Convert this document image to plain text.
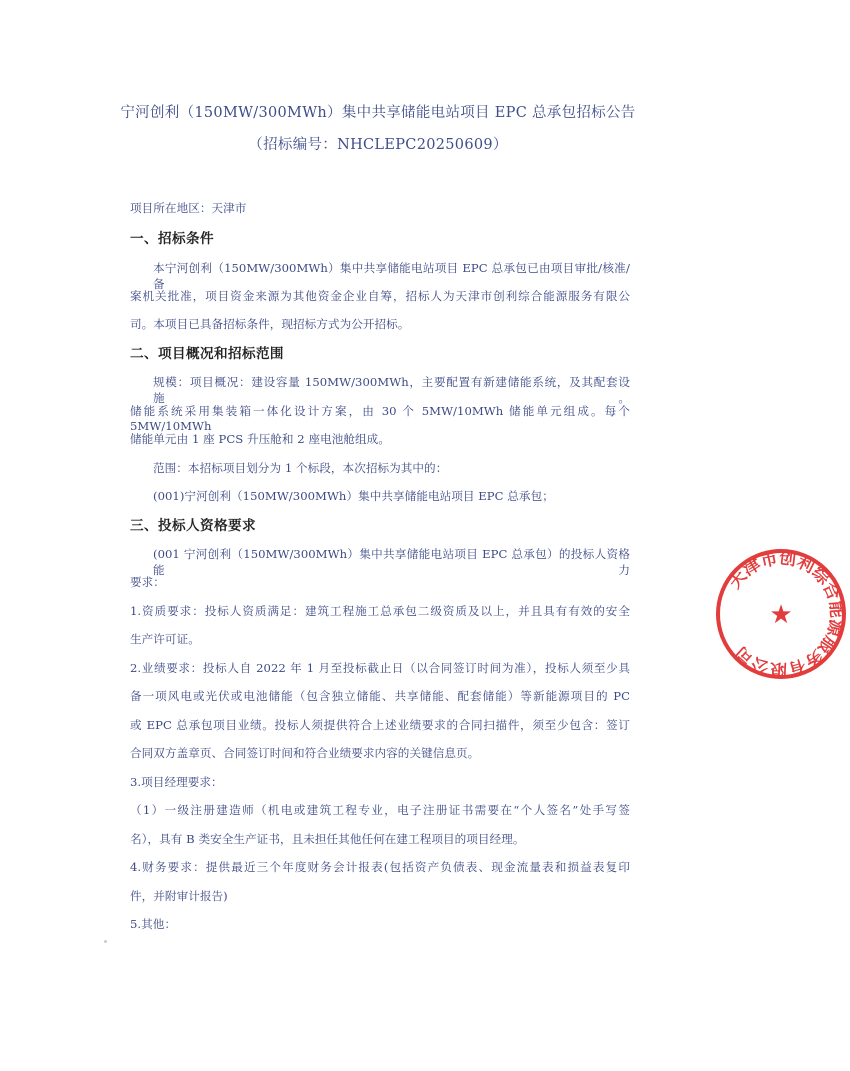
宁河创利（150MW/300MWh）集中共享储能电站项目 EPC 总承包招标公告

（招标编号：NHCLEPC20250609）

项目所在地区：天津市

一、招标条件

本宁河创利（150MW/300MWh）集中共享储能电站项目 EPC 总承包已由项目审批/核准/备

案机关批准，项目资金来源为其他资金企业自筹，招标人为天津市创利综合能源服务有限公

司。本项目已具备招标条件，现招标方式为公开招标。

二、项目概况和招标范围

规模：项目概况：建设容量 150MW/300MWh，主要配置有新建储能系统，及其配套设施。

储能系统采用集装箱一体化设计方案，由 30 个 5MW/10MWh 储能单元组成。每个 5MW/10MWh

储能单元由 1 座 PCS 升压舱和 2 座电池舱组成。

范围：本招标项目划分为 1 个标段，本次招标为其中的：

(001)宁河创利（150MW/300MWh）集中共享储能电站项目 EPC 总承包；

三、投标人资格要求

(001 宁河创利（150MW/300MWh）集中共享储能电站项目 EPC 总承包）的投标人资格能力

要求：

1.资质要求：投标人资质满足：建筑工程施工总承包二级资质及以上，并且具有有效的安全

生产许可证。

2.业绩要求：投标人自 2022 年 1 月至投标截止日（以合同签订时间为准），投标人须至少具

备一项风电或光伏或电池储能（包含独立储能、共享储能、配套储能）等新能源项目的 PC

或 EPC 总承包项目业绩。投标人须提供符合上述业绩要求的合同扫描件，须至少包含：签订

合同双方盖章页、合同签订时间和符合业绩要求内容的关键信息页。

3.项目经理要求：

（1）一级注册建造师（机电或建筑工程专业，电子注册证书需要在“个人签名”处手写签

名），具有 B 类安全生产证书，且未担任其他任何在建工程项目的项目经理。

4.财务要求：提供最近三个年度财务会计报表(包括资产负债表、现金流量表和损益表复印

件，并附审计报告)

5.其他：

天津市创利综合能源服务有限公司
★
